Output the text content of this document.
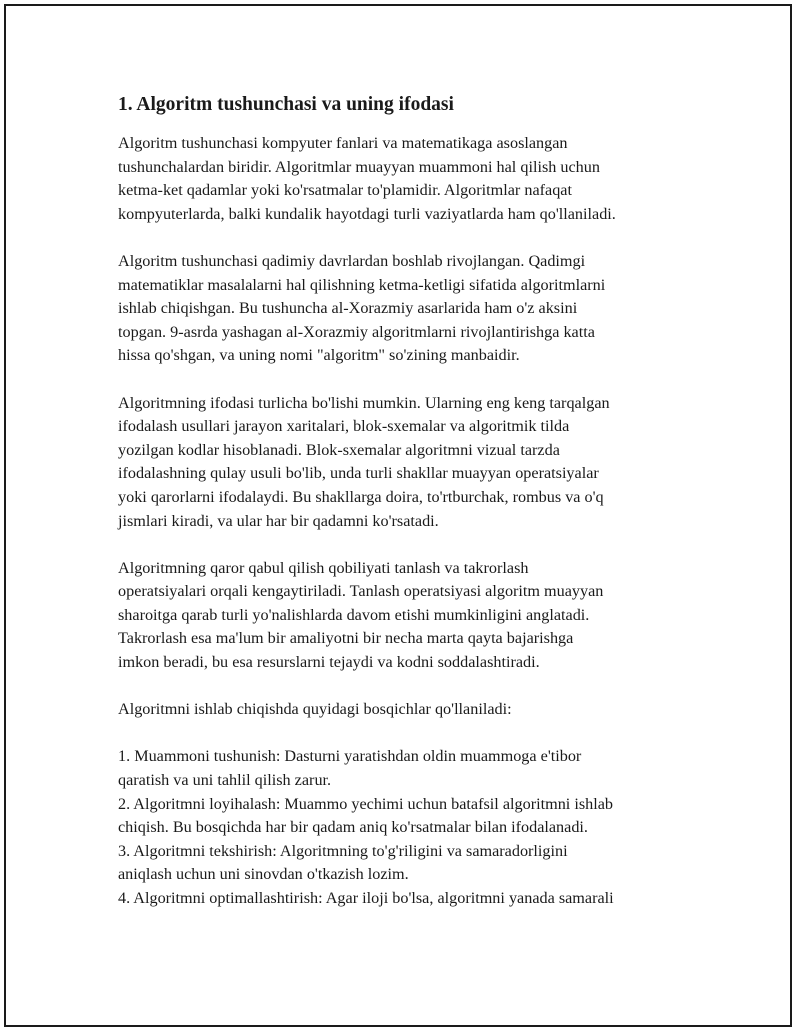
1. Algoritm tushunchasi va uning ifodasi
Algoritm tushunchasi kompyuter fanlari va matematikaga asoslangan
tushunchalardan biridir. Algoritmlar muayyan muammoni hal qilish uchun
ketma-ket qadamlar yoki ko'rsatmalar to'plamidir. Algoritmlar nafaqat
kompyuterlarda, balki kundalik hayotdagi turli vaziyatlarda ham qo'llaniladi.
Algoritm tushunchasi qadimiy davrlardan boshlab rivojlangan. Qadimgi
matematiklar masalalarni hal qilishning ketma-ketligi sifatida algoritmlarni
ishlab chiqishgan. Bu tushuncha al-Xorazmiy asarlarida ham o'z aksini
topgan. 9-asrda yashagan al-Xorazmiy algoritmlarni rivojlantirishga katta
hissa qo'shgan, va uning nomi "algoritm" so'zining manbaidir.
Algoritmning ifodasi turlicha bo'lishi mumkin. Ularning eng keng tarqalgan
ifodalash usullari jarayon xaritalari, blok-sxemalar va algoritmik tilda
yozilgan kodlar hisoblanadi. Blok-sxemalar algoritmni vizual tarzda
ifodalashning qulay usuli bo'lib, unda turli shakllar muayyan operatsiyalar
yoki qarorlarni ifodalaydi. Bu shakllarga doira, to'rtburchak, rombus va o'q
jismlari kiradi, va ular har bir qadamni ko'rsatadi.
Algoritmning qaror qabul qilish qobiliyati tanlash va takrorlash
operatsiyalari orqali kengaytiriladi. Tanlash operatsiyasi algoritm muayyan
sharoitga qarab turli yo'nalishlarda davom etishi mumkinligini anglatadi.
Takrorlash esa ma'lum bir amaliyotni bir necha marta qayta bajarishga
imkon beradi, bu esa resurslarni tejaydi va kodni soddalashtiradi.
Algoritmni ishlab chiqishda quyidagi bosqichlar qo'llaniladi:
1. Muammoni tushunish: Dasturni yaratishdan oldin muammoga e'tibor
qaratish va uni tahlil qilish zarur.
2. Algoritmni loyihalash: Muammo yechimi uchun batafsil algoritmni ishlab
chiqish. Bu bosqichda har bir qadam aniq ko'rsatmalar bilan ifodalanadi.
3. Algoritmni tekshirish: Algoritmning to'g'riligini va samaradorligini
aniqlash uchun uni sinovdan o'tkazish lozim.
4. Algoritmni optimallashtirish: Agar iloji bo'lsa, algoritmni yanada samarali
